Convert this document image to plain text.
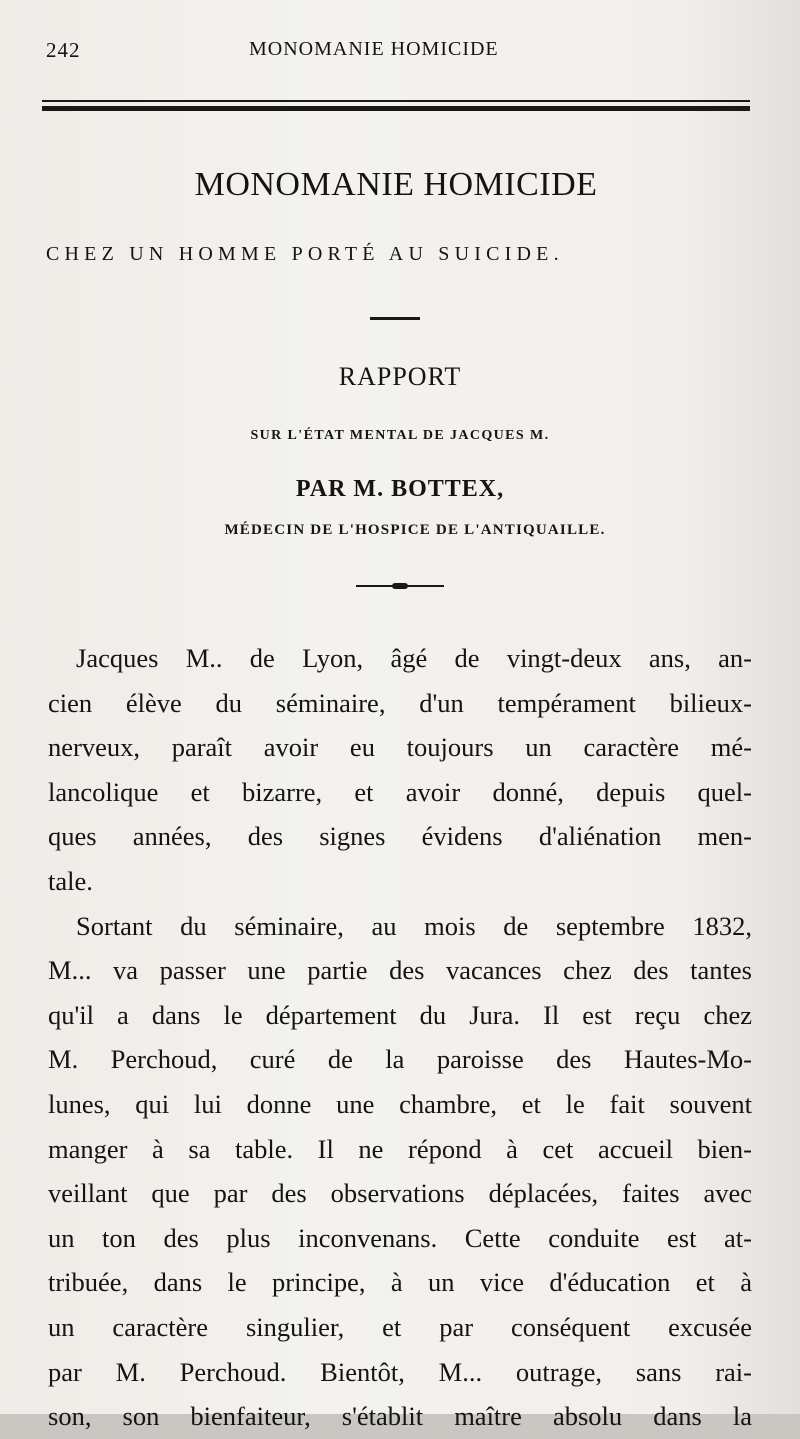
242	MONOMANIE HOMICIDE
MONOMANIE HOMICIDE
CHEZ UN HOMME PORTÉ AU SUICIDE.
RAPPORT
SUR L'ÉTAT MENTAL DE JACQUES M.
PAR M. BOTTEX,
MÉDECIN DE L'HOSPICE DE L'ANTIQUAILLE.

Jacques M.. de Lyon, âgé de vingt-deux ans, an-
cien élève du séminaire, d'un tempérament bilieux-
nerveux, paraît avoir eu toujours un caractère mé-
lancolique et bizarre, et avoir donné, depuis quel-
ques années, des signes évidens d'aliénation men-
tale.

Sortant du séminaire, au mois de septembre 1832,
M... va passer une partie des vacances chez des tantes
qu'il a dans le département du Jura. Il est reçu chez
M. Perchoud, curé de la paroisse des Hautes-Mo-
lunes, qui lui donne une chambre, et le fait souvent
manger à sa table. Il ne répond à cet accueil bien-
veillant que par des observations déplacées, faites avec
un ton des plus inconvenans. Cette conduite est at-
tribuée, dans le principe, à un vice d'éducation et à
un caractère singulier, et par conséquent excusée
par M. Perchoud. Bientôt, M... outrage, sans rai-
son, son bienfaiteur, s'établit maître absolu dans la
